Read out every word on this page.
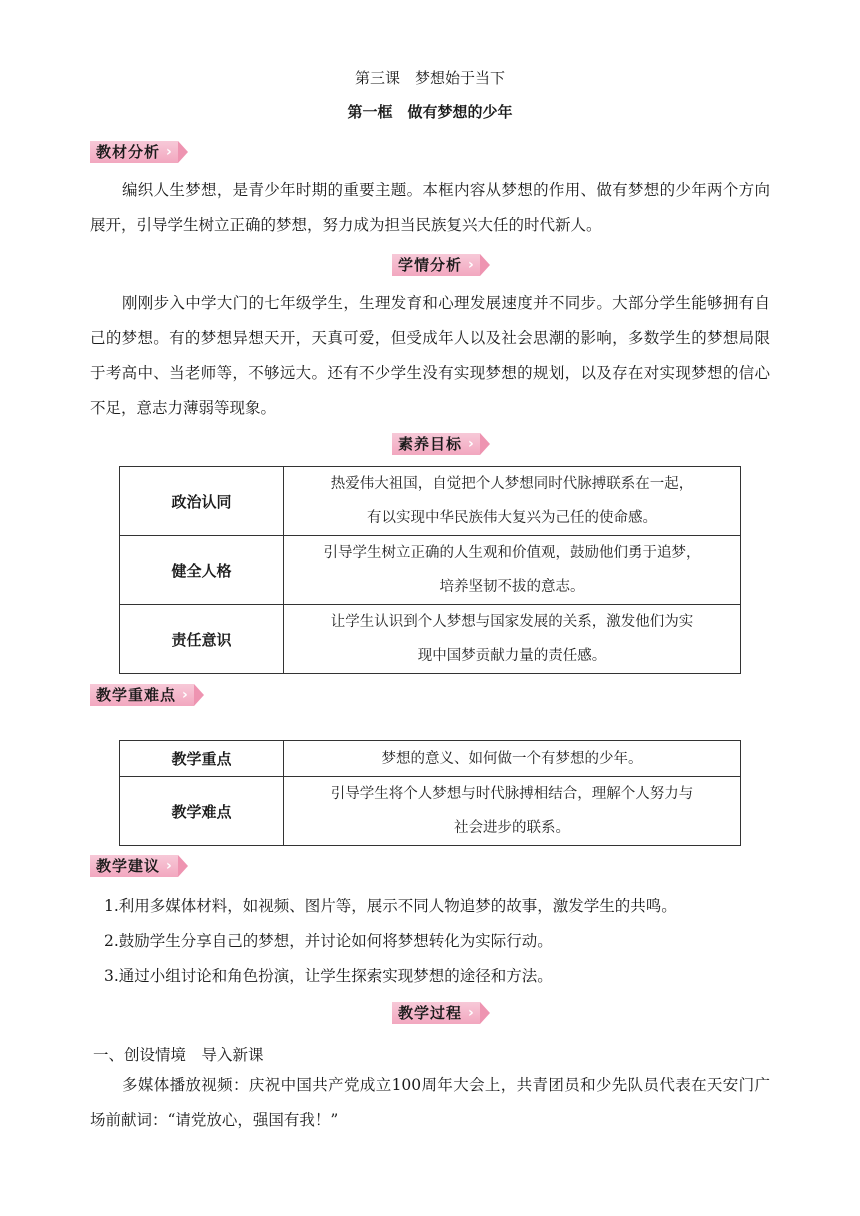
第三课　梦想始于当下
第一框　做有梦想的少年
教材分析 ›
编织人生梦想，是青少年时期的重要主题。本框内容从梦想的作用、做有梦想的少年两个方向展开，引导学生树立正确的梦想，努力成为担当民族复兴大任的时代新人。
学情分析 ›
刚刚步入中学大门的七年级学生，生理发育和心理发展速度并不同步。大部分学生能够拥有自己的梦想。有的梦想异想天开，天真可爱，但受成年人以及社会思潮的影响，多数学生的梦想局限于考高中、当老师等，不够远大。还有不少学生没有实现梦想的规划，以及存在对实现梦想的信心不足，意志力薄弱等现象。
素养目标 ›
政治认同	热爱伟大祖国，自觉把个人梦想同时代脉搏联系在一起，
有以实现中华民族伟大复兴为己任的使命感。
健全人格	引导学生树立正确的人生观和价值观，鼓励他们勇于追梦，
培养坚韧不拔的意志。
责任意识	让学生认识到个人梦想与国家发展的关系，激发他们为实
现中国梦贡献力量的责任感。
教学重难点 ›
教学重点	梦想的意义、如何做一个有梦想的少年。
教学难点	引导学生将个人梦想与时代脉搏相结合，理解个人努力与
社会进步的联系。
教学建议 ›
1.利用多媒体材料，如视频、图片等，展示不同人物追梦的故事，激发学生的共鸣。
2.鼓励学生分享自己的梦想，并讨论如何将梦想转化为实际行动。
3.通过小组讨论和角色扮演，让学生探索实现梦想的途径和方法。
教学过程 ›
一、创设情境　导入新课
多媒体播放视频：庆祝中国共产党成立100周年大会上，共青团员和少先队员代表在天安门广场前献词：“请党放心，强国有我！”
